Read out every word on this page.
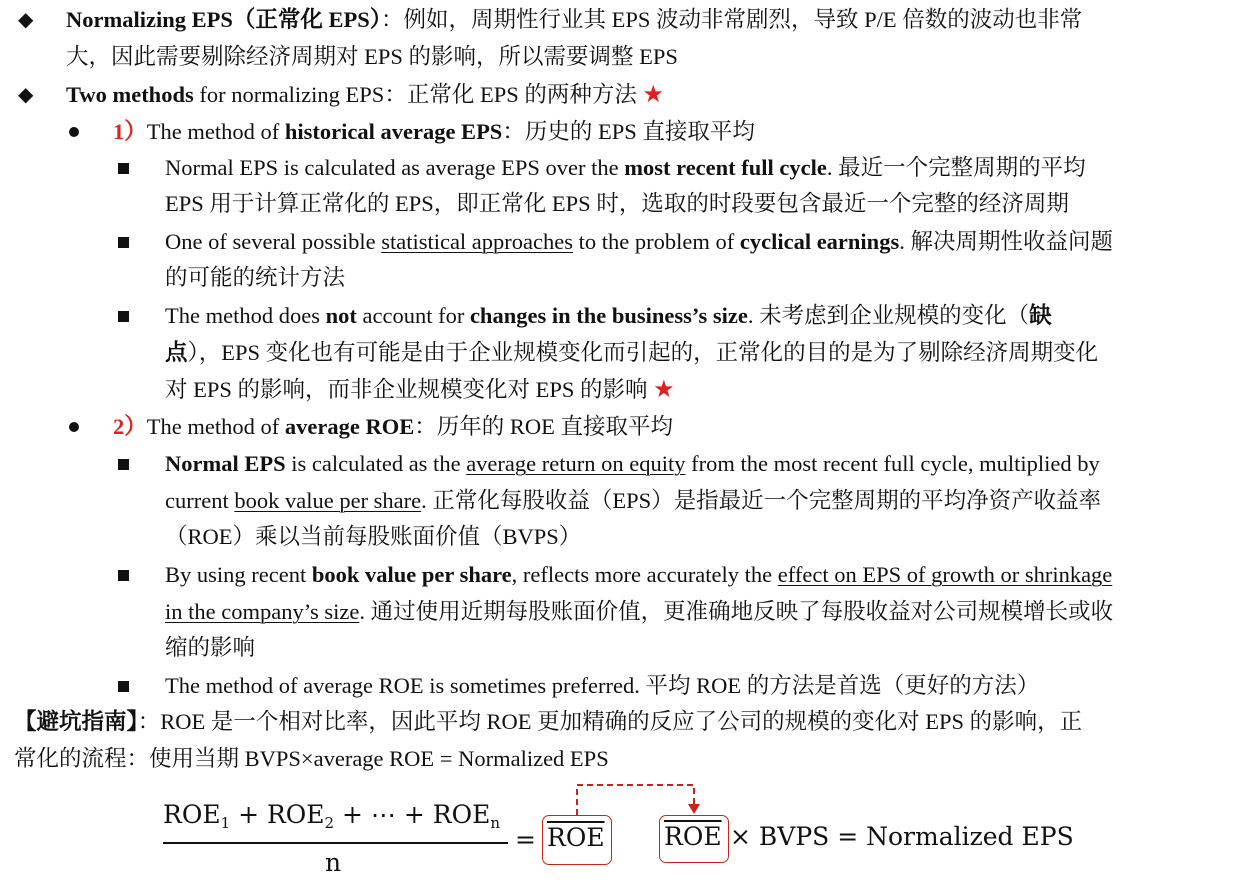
◆ Normalizing EPS（正常化 EPS）：例如，周期性行业其 EPS 波动非常剧烈，导致 P/E 倍数的波动也非常
大，因此需要剔除经济周期对 EPS 的影响，所以需要调整 EPS
◆ Two methods for normalizing EPS：正常化 EPS 的两种方法 ★
1）The method of historical average EPS：历史的 EPS 直接取平均
Normal EPS is calculated as average EPS over the most recent full cycle. 最近一个完整周期的平均
EPS 用于计算正常化的 EPS，即正常化 EPS 时，选取的时段要包含最近一个完整的经济周期
One of several possible statistical approaches to the problem of cyclical earnings. 解决周期性收益问题
的可能的统计方法
The method does not account for changes in the business’s size. 未考虑到企业规模的变化（缺
点），EPS 变化也有可能是由于企业规模变化而引起的，正常化的目的是为了剔除经济周期变化
对 EPS 的影响，而非企业规模变化对 EPS 的影响 ★
2）The method of average ROE：历年的 ROE 直接取平均
Normal EPS is calculated as the average return on equity from the most recent full cycle, multiplied by
current book value per share. 正常化每股收益（EPS）是指最近一个完整周期的平均净资产收益率
（ROE）乘以当前每股账面价值（BVPS）
By using recent book value per share, reflects more accurately the effect on EPS of growth or shrinkage
in the company’s size. 通过使用近期每股账面价值，更准确地反映了每股收益对公司规模增长或收
缩的影响
The method of average ROE is sometimes preferred. 平均 ROE 的方法是首选（更好的方法）
【避坑指南】：ROE 是一个相对比率，因此平均 ROE 更加精确的反应了公司的规模的变化对 EPS 的影响，正
常化的流程：使用当期 BVPS×average ROE = Normalized EPS
$ROE_1 + ROE_2$ + ⋯ + $ROE_n$
n
= $\overline{ROE}$ $\overline{ROE}$ × BVPS = Normalized EPS
